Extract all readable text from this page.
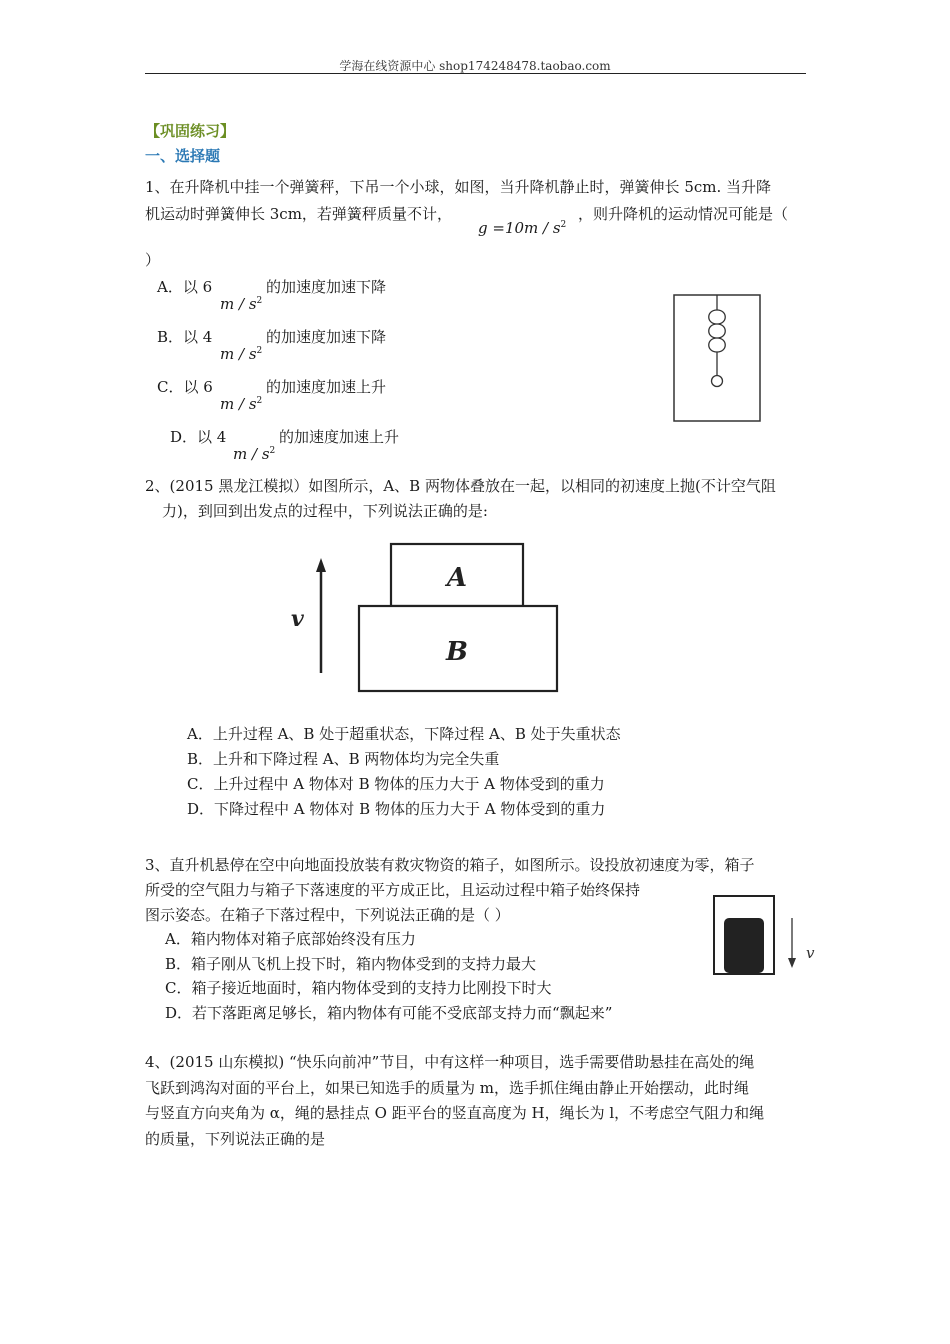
学海在线资源中心 shop174248478.taobao.com
【巩固练习】
一、选择题
1、在升降机中挂一个弹簧秤，下吊一个小球，如图，当升降机静止时，弹簧伸长 5cm. 当升降
机运动时弹簧伸长 3cm，若弹簧秤质量不计，
$g =10m / s^2$
，则升降机的运动情况可能是（
）
A．以 6
m / $s^2$
的加速度加速下降
B．以 4
m / $s^2$
的加速度加速下降
C．以 6
m / $s^2$
的加速度加速上升
D．以 4
m / $s^2$
的加速度加速上升
2、(2015 黑龙江模拟）如图所示，A、B 两物体叠放在一起，以相同的初速度上抛(不计空气阻
力)，到回到出发点的过程中，下列说法正确的是:
v
A
B
A．上升过程 A、B 处于超重状态，下降过程 A、B 处于失重状态
B．上升和下降过程 A、B 两物体均为完全失重
C．上升过程中 A 物体对 B 物体的压力大于 A 物体受到的重力
D．下降过程中 A 物体对 B 物体的压力大于 A 物体受到的重力
3、直升机悬停在空中向地面投放装有救灾物资的箱子，如图所示。设投放初速度为零，箱子
所受的空气阻力与箱子下落速度的平方成正比，且运动过程中箱子始终保持
图示姿态。在箱子下落过程中，下列说法正确的是（ ）
A．箱内物体对箱子底部始终没有压力
B．箱子刚从飞机上投下时，箱内物体受到的支持力最大
C．箱子接近地面时，箱内物体受到的支持力比刚投下时大
D．若下落距离足够长，箱内物体有可能不受底部支持力而“飘起来”
v
4、(2015 山东模拟) “快乐向前冲”节目，中有这样一种项目，选手需要借助悬挂在高处的绳
飞跃到鸿沟对面的平台上，如果已知选手的质量为 m，选手抓住绳由静止开始摆动，此时绳
与竖直方向夹角为 α，绳的悬挂点 O 距平台的竖直高度为 H，绳长为 l，不考虑空气阻力和绳
的质量，下列说法正确的是
